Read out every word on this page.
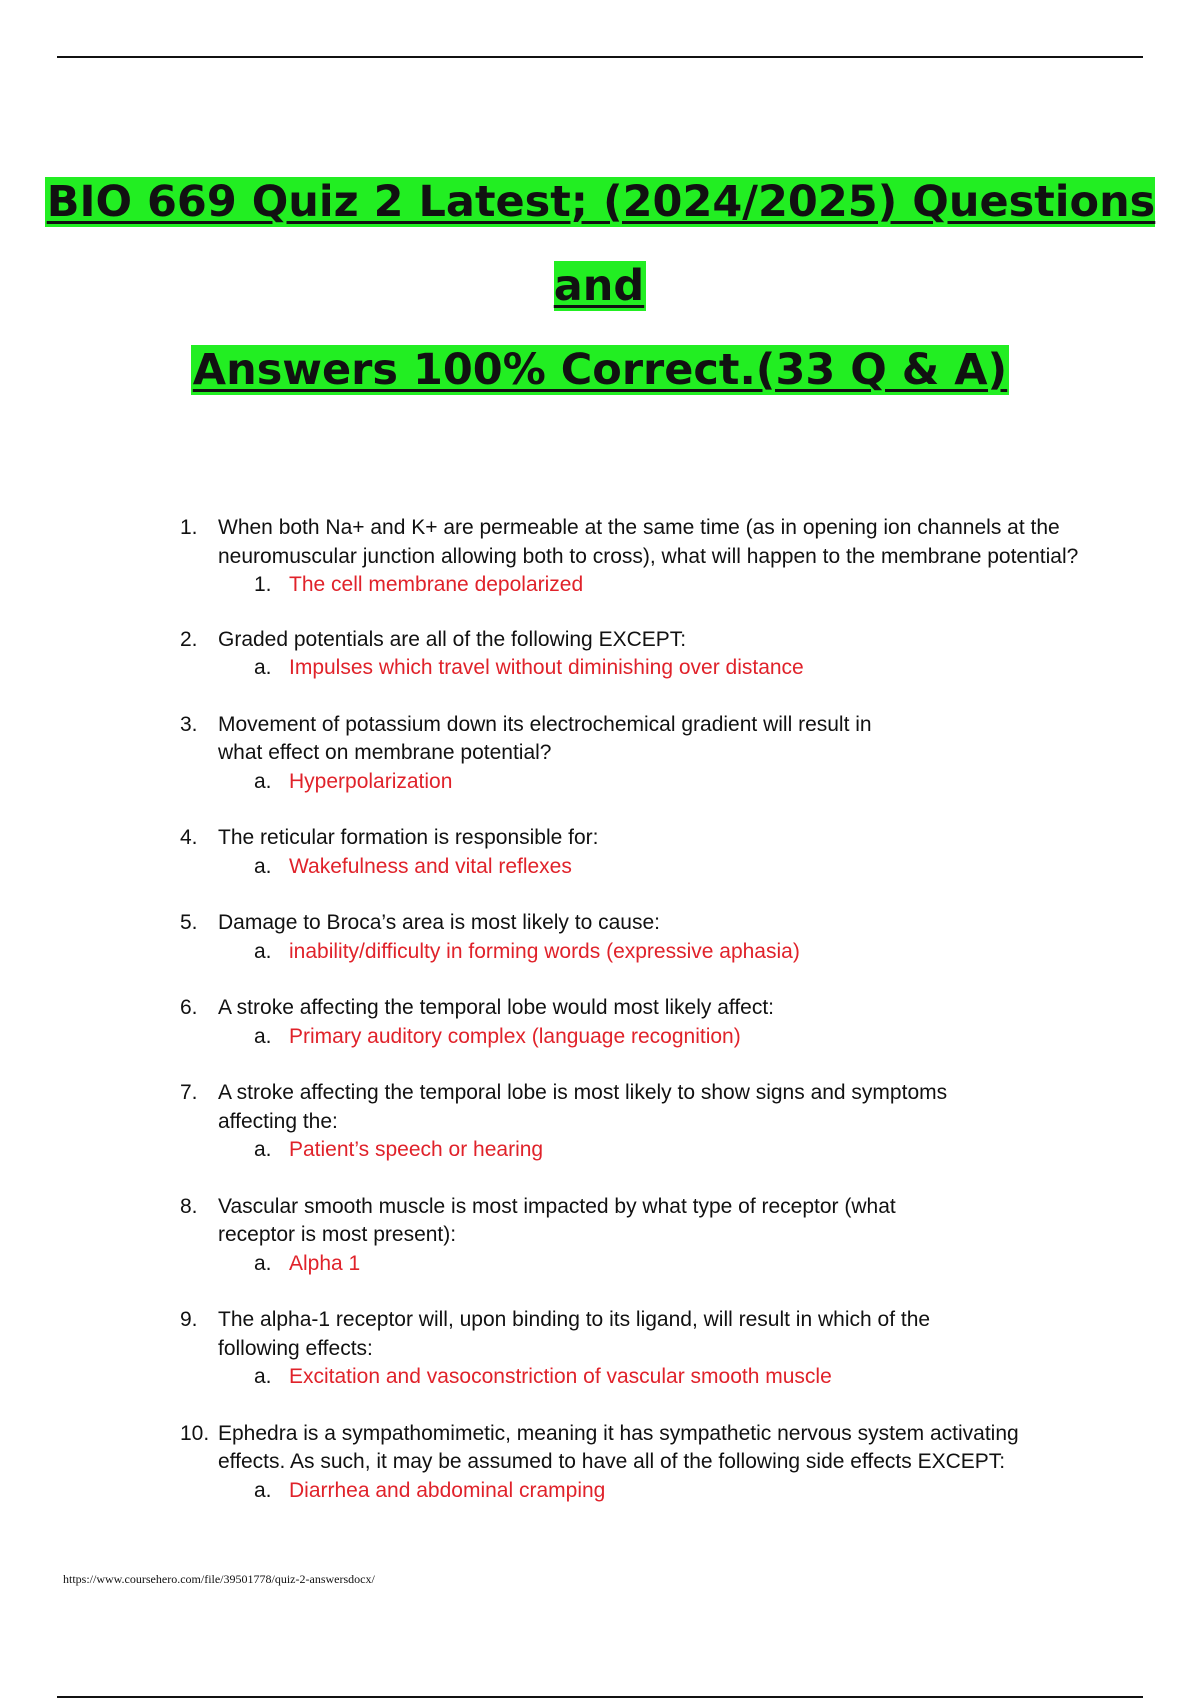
BIO 669 Quiz 2 Latest; (2024/2025) Questions and
Answers 100% Correct.(33 Q & A)
1. When both Na+ and K+ are permeable at the same time (as in opening ion channels at the neuromuscular junction allowing both to cross), what will happen to the membrane potential?
1. The cell membrane depolarized
2. Graded potentials are all of the following EXCEPT:
a. Impulses which travel without diminishing over distance
3. Movement of potassium down its electrochemical gradient will result in what effect on membrane potential?
a. Hyperpolarization
4. The reticular formation is responsible for:
a. Wakefulness and vital reflexes
5. Damage to Broca’s area is most likely to cause:
a. inability/difficulty in forming words (expressive aphasia)
6. A stroke affecting the temporal lobe would most likely affect:
a. Primary auditory complex (language recognition)
7. A stroke affecting the temporal lobe is most likely to show signs and symptoms affecting the:
a. Patient’s speech or hearing
8. Vascular smooth muscle is most impacted by what type of receptor (what receptor is most present):
a. Alpha 1
9. The alpha-1 receptor will, upon binding to its ligand, will result in which of the following effects:
a. Excitation and vasoconstriction of vascular smooth muscle
10. Ephedra is a sympathomimetic, meaning it has sympathetic nervous system activating effects. As such, it may be assumed to have all of the following side effects EXCEPT:
a. Diarrhea and abdominal cramping
https://www.coursehero.com/file/39501778/quiz-2-answersdocx/
